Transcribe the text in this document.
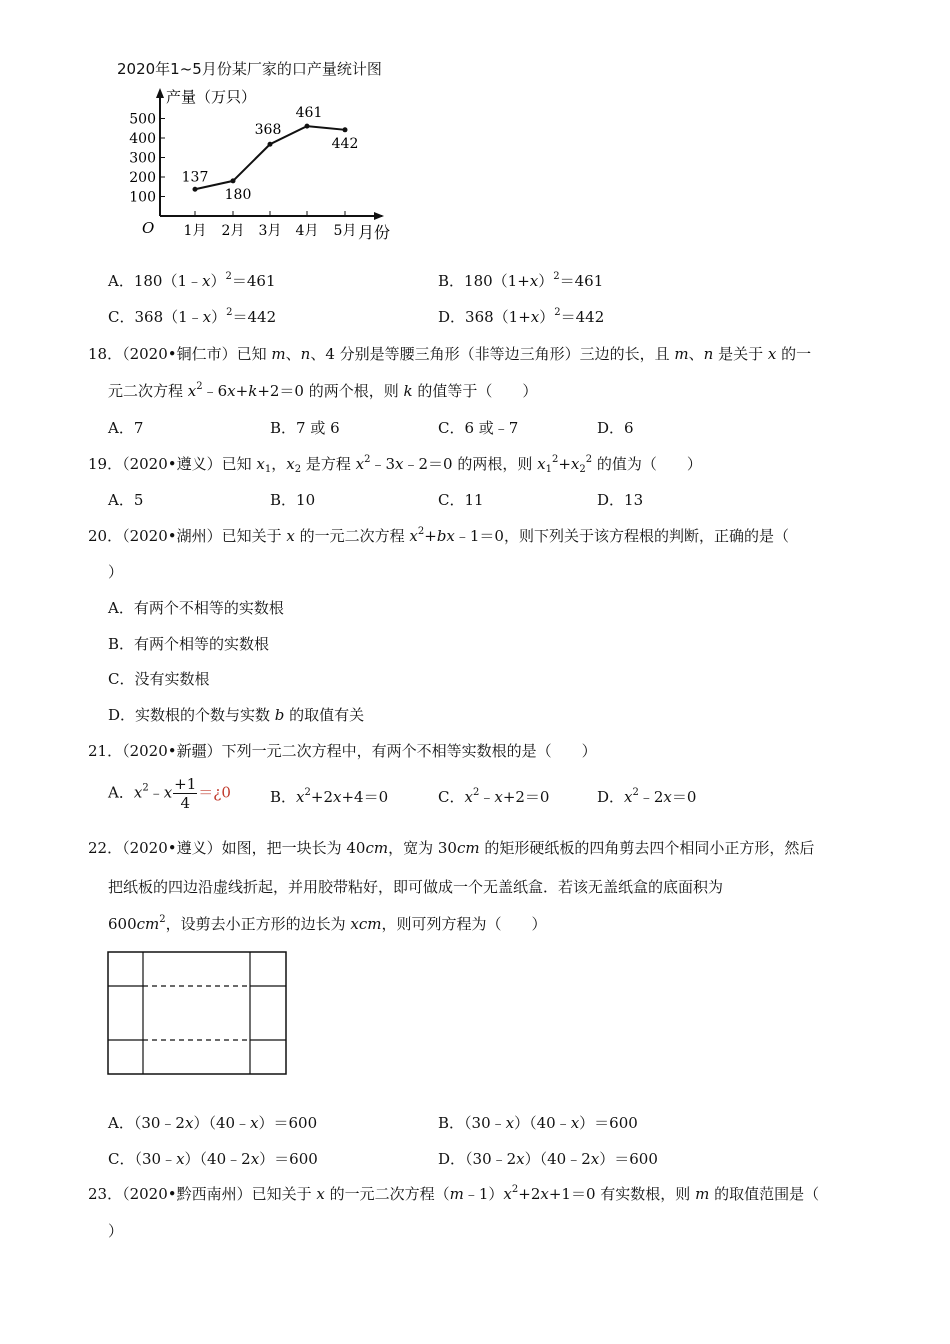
2020年1~5月份某厂家的口产量统计图
产量（万只）
月份
O
100
200
300
400
500
1月 2月 3月 4月 5月
137
180
368
461
442
A．180（1﹣x）$^2$＝461	B．$180(1+x)^2=461$
C．368（1﹣x）$^2$＝442	D．$368(1+x)^2=442$
18．（2020•铜仁市）已知 m、n、4 分别是等腰三角形（非等边三角形）三边的长，且 m、n 是关于 x 的一
元二次方程 $x^2﹣6x+k+2=0$ 的两个根，则 k 的值等于（　　）
A．7	B．7 或 6	C．6 或﹣7	D．6
19．（2020•遵义）已知 $x_1$，$x_2$ 是方程 $x^2﹣3x﹣2=0$ 的两根，则 $x_1^2+x_2^2$ 的值为（　　）
A．5	B．10	C．11	D．13
20．（2020•湖州）已知关于 x 的一元二次方程 $x^2+bx﹣1=0$，则下列关于该方程根的判断，正确的是（
）
A．有两个不相等的实数根
B．有两个相等的实数根
C．没有实数根
D．实数根的个数与实数 b 的取值有关
21．（2020•新疆）下列一元二次方程中，有两个不相等实数根的是（　　）
A．$x^2﹣x \frac{+1}{4}$ ＝¿0	B．$x^2+2x+4=0$	C．$x^2﹣x+2=0$	D．$x^2﹣2x=0$
22．（2020•遵义）如图，把一块长为 40cm，宽为 30cm 的矩形硬纸板的四角剪去四个相同小正方形，然后
把纸板的四边沿虚线折起，并用胶带粘好，即可做成一个无盖纸盒．若该无盖纸盒的底面积为
$600cm^2$，设剪去小正方形的边长为 xcm，则可列方程为（　　）
A．（30﹣2x）（40﹣x）＝600	B．（30﹣x）（40﹣x）＝600
C．（30﹣x）（40﹣2x）＝600	D．（30﹣2x）（40﹣2x）＝600
23．（2020•黔西南州）已知关于 x 的一元二次方程$(m﹣1)x^2+2x+1=0$ 有实数根，则 m 的取值范围是（
）
